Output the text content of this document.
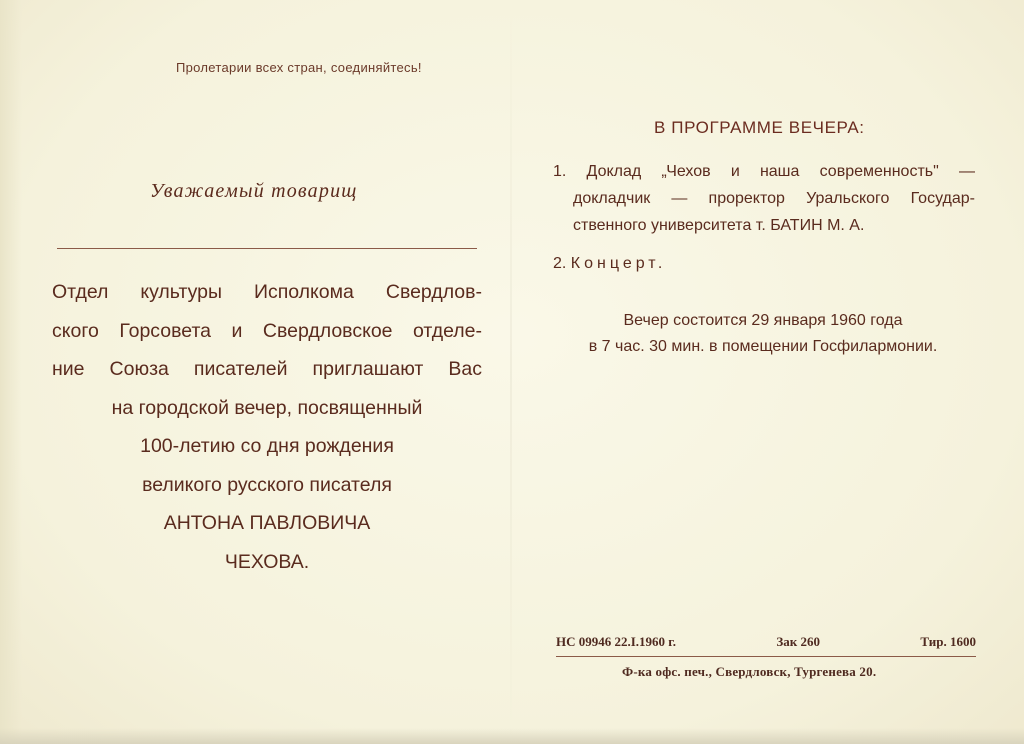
Пролетарии всех стран, соединяйтесь!
Уважаемый товарищ
Отдел культуры Исполкома Свердлов-
ского Горсовета и Свердловское отделе-
ние Союза писателей приглашают Вас
на городской вечер, посвященный
100-летию со дня рождения
великого русского писателя
АНТОНА ПАВЛОВИЧА
ЧЕХОВА.
В ПРОГРАММЕ ВЕЧЕРА:
1. Доклад „Чехов и наша современность" —
докладчик — проректор Уральского Государ-
ственного университета т. БАТИН М. А.
2. Концерт.
Вечер состоится 29 января 1960 года
в 7 час. 30 мин. в помещении Госфилармонии.
НС 09946 22.I.1960 г.	Зак 260	Тир. 1600
Ф-ка офс. печ., Свердловск, Тургенева 20.
